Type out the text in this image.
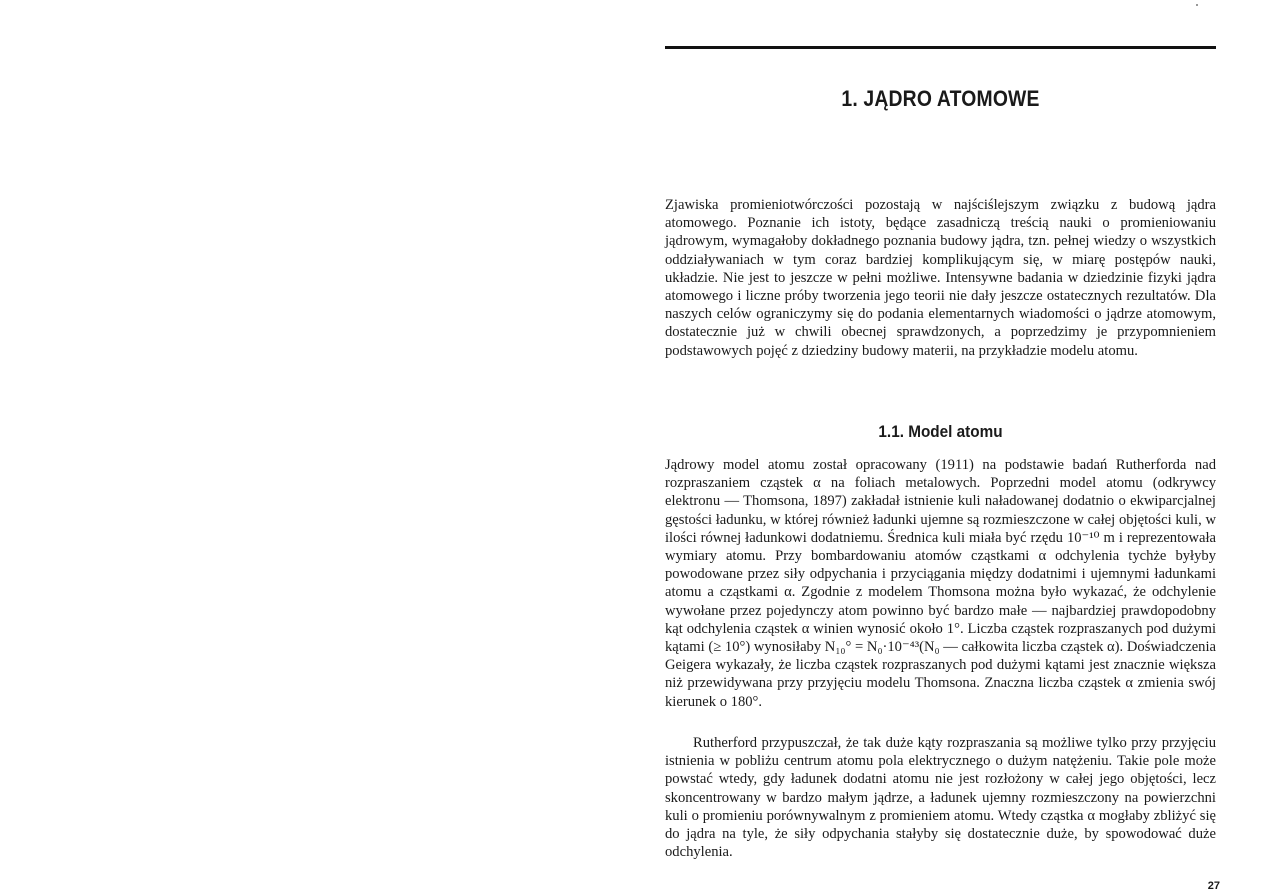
1. JĄDRO ATOMOWE

Zjawiska promieniotwórczości pozostają w najściślejszym związku z budową jądra atomowego. Poznanie ich istoty, będące zasadniczą treścią nauki o promieniowaniu jądrowym, wymagałoby dokładnego poznania budowy jądra, tzn. pełnej wiedzy o wszystkich oddziaływaniach w tym coraz bardziej komplikującym się, w miarę postępów nauki, układzie. Nie jest to jeszcze w pełni możliwe. Intensywne badania w dziedzinie fizyki jądra atomowego i liczne próby tworzenia jego teorii nie dały jeszcze ostatecznych rezultatów. Dla naszych celów ograniczymy się do podania elementarnych wiadomości o jądrze atomowym, dostatecznie już w chwili obecnej sprawdzonych, a poprzedzimy je przypomnieniem podstawowych pojęć z dziedziny budowy materii, na przykładzie modelu atomu.

1.1. Model atomu

Jądrowy model atomu został opracowany (1911) na podstawie badań Rutherforda nad rozpraszaniem cząstek α na foliach metalowych. Poprzedni model atomu (odkrywcy elektronu — Thomsona, 1897) zakładał istnienie kuli naładowanej dodatnio o ekwiparcjalnej gęstości ładunku, w której również ładunki ujemne są rozmieszczone w całej objętości kuli, w ilości równej ładunkowi dodatniemu. Średnica kuli miała być rzędu 10⁻¹⁰ m i reprezentowała wymiary atomu. Przy bombardowaniu atomów cząstkami α odchylenia tychże byłyby powodowane przez siły odpychania i przyciągania między dodatnimi i ujemnymi ładunkami atomu a cząstkami α. Zgodnie z modelem Thomsona można było wykazać, że odchylenie wywołane przez pojedynczy atom powinno być bardzo małe — najbardziej prawdopodobny kąt odchylenia cząstek α winien wynosić około 1°. Liczba cząstek rozpraszanych pod dużymi kątami (≥ 10°) wynosiłaby N₁₀° = N₀·10⁻⁴³(N₀ — całkowita liczba cząstek α). Doświadczenia Geigera wykazały, że liczba cząstek rozpraszanych pod dużymi kątami jest znacznie większa niż przewidywana przy przyjęciu modelu Thomsona. Znaczna liczba cząstek α zmienia swój kierunek o 180°.

Rutherford przypuszczał, że tak duże kąty rozpraszania są możliwe tylko przy przyjęciu istnienia w pobliżu centrum atomu pola elektrycznego o dużym natężeniu. Takie pole może powstać wtedy, gdy ładunek dodatni atomu nie jest rozłożony w całej jego objętości, lecz skoncentrowany w bardzo małym jądrze, a ładunek ujemny rozmieszczony na powierzchni kuli o promieniu porównywalnym z promieniem atomu. Wtedy cząstka α mogłaby zbliżyć się do jądra na tyle, że siły odpychania stałyby się dostatecznie duże, by spowodować duże odchylenia.

27
